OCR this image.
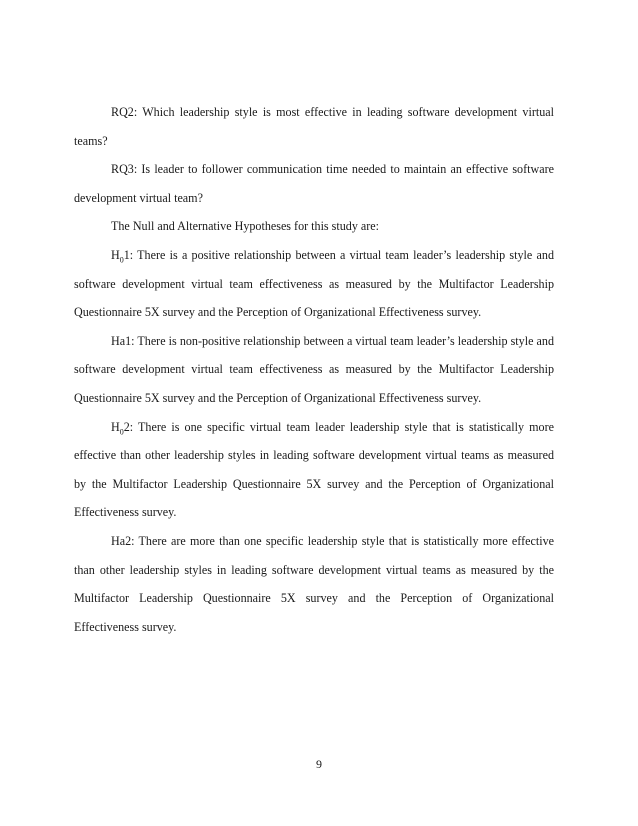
RQ2: Which leadership style is most effective in leading software development virtual teams?

RQ3: Is leader to follower communication time needed to maintain an effective software development virtual team?

The Null and Alternative Hypotheses for this study are:

$H_01$: There is a positive relationship between a virtual team leader’s leadership style and software development virtual team effectiveness as measured by the Multifactor Leadership Questionnaire 5X survey and the Perception of Organizational Effectiveness survey.

Ha1: There is non-positive relationship between a virtual team leader’s leadership style and software development virtual team effectiveness as measured by the Multifactor Leadership Questionnaire 5X survey and the Perception of Organizational Effectiveness survey.

$H_02$: There is one specific virtual team leader leadership style that is statistically more effective than other leadership styles in leading software development virtual teams as measured by the Multifactor Leadership Questionnaire 5X survey and the Perception of Organizational Effectiveness survey.

Ha2: There are more than one specific leadership style that is statistically more effective than other leadership styles in leading software development virtual teams as measured by the Multifactor Leadership Questionnaire 5X survey and the Perception of Organizational Effectiveness survey.

9
